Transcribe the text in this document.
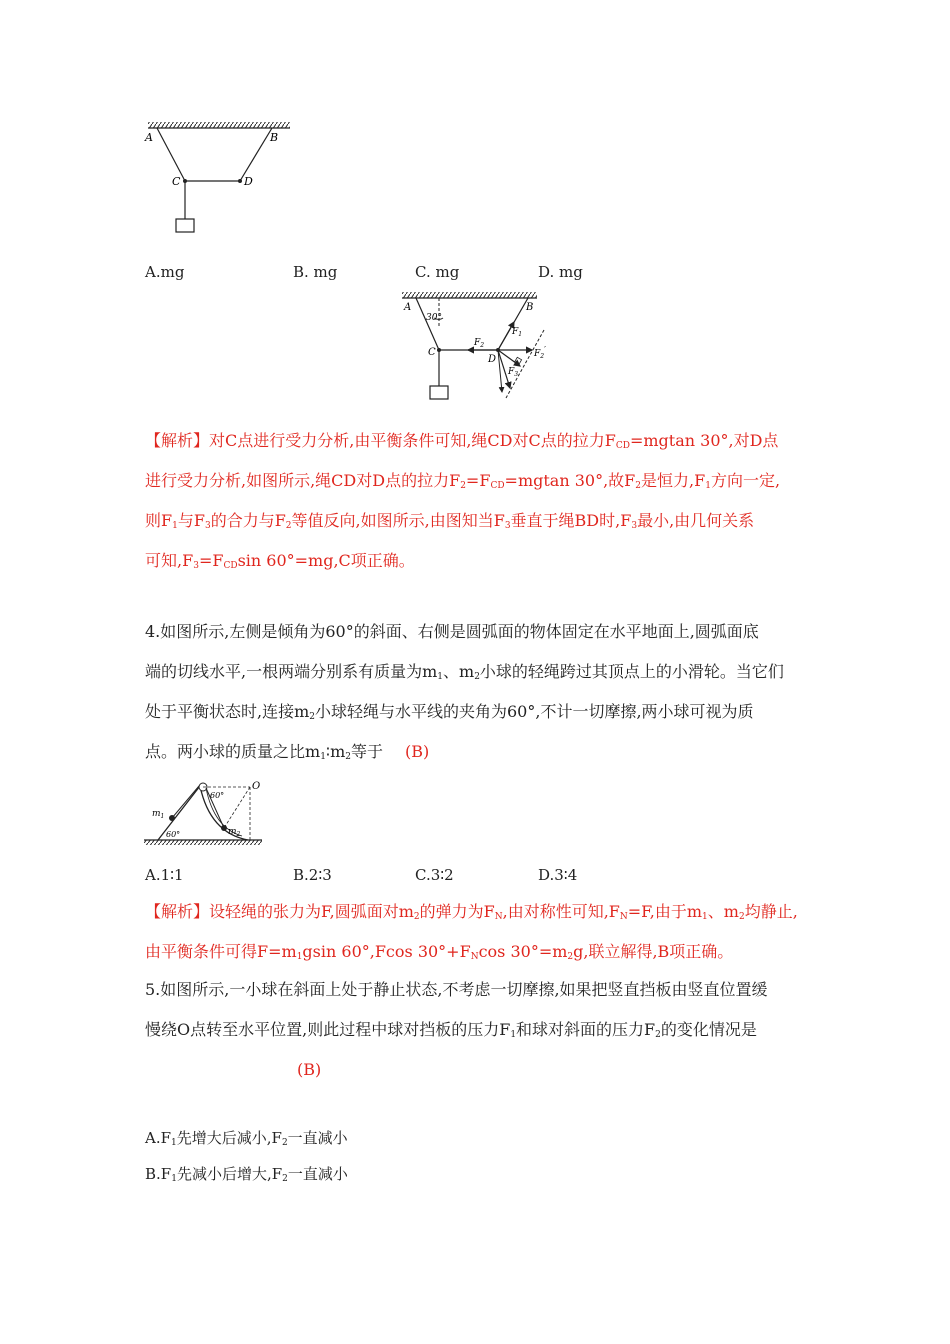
A	B
C	D
A.mg	B. mg	C. mg	D. mg
A	B
C
D
30°
$F_1$
$F_2$
$F_2'$
$F_3$
【解析】对C点进行受力分析,由平衡条件可知,绳CD对C点的拉力$F_{CD}=mgtan$ 30°,对D点
进行受力分析,如图所示,绳CD对D点的拉力$F_2=F_{CD}=mgtan$ 30°,故$F_2$是恒力$,F_1$方向一定,
则$F_1$与$F_3$的合力与$F_2$等值反向,如图所示,由图知当$F_3$垂直于绳BD时$,F_3$最小,由几何关系
可知$,F_3=F_{CD}\sin$ 60°=mg,C项正确。
4.如图所示,左侧是倾角为60°的斜面、右侧是圆弧面的物体固定在水平地面上,圆弧面底
端的切线水平,一根两端分别系有质量为$m_1$、$m_2$小球的轻绳跨过其顶点上的小滑轮。当它们
处于平衡状态时,连接$m_2$小球轻绳与水平线的夹角为60°,不计一切摩擦,两小球可视为质
点。两小球的质量之比$m_1∶m_2$等于 (B)
O
$m_1$
$m_2$
60°
60°
A.1∶1	B.2∶3	C.3∶2	D.3∶4
【解析】设轻绳的张力为F,圆弧面对$m_2$的弹力为$F_N$,由对称性可知$,F_N=F$,由于$m_1$、$m_2$均静止,
由平衡条件可得$F=m_1gsin$ 60°,Fcos $30^\circ+F_N\cos$ $30^\circ=m_2g$,联立解得,B项正确。
5.如图所示,一小球在斜面上处于静止状态,不考虑一切摩擦,如果把竖直挡板由竖直位置缓
慢绕O点转至水平位置,则此过程中球对挡板的压力$F_1$和球对斜面的压力$F_2$的变化情况是
(B)
$A.F_1$先增大后减小$,F_2$一直减小
$B.F_1$先减小后增大$,F_2$一直减小
